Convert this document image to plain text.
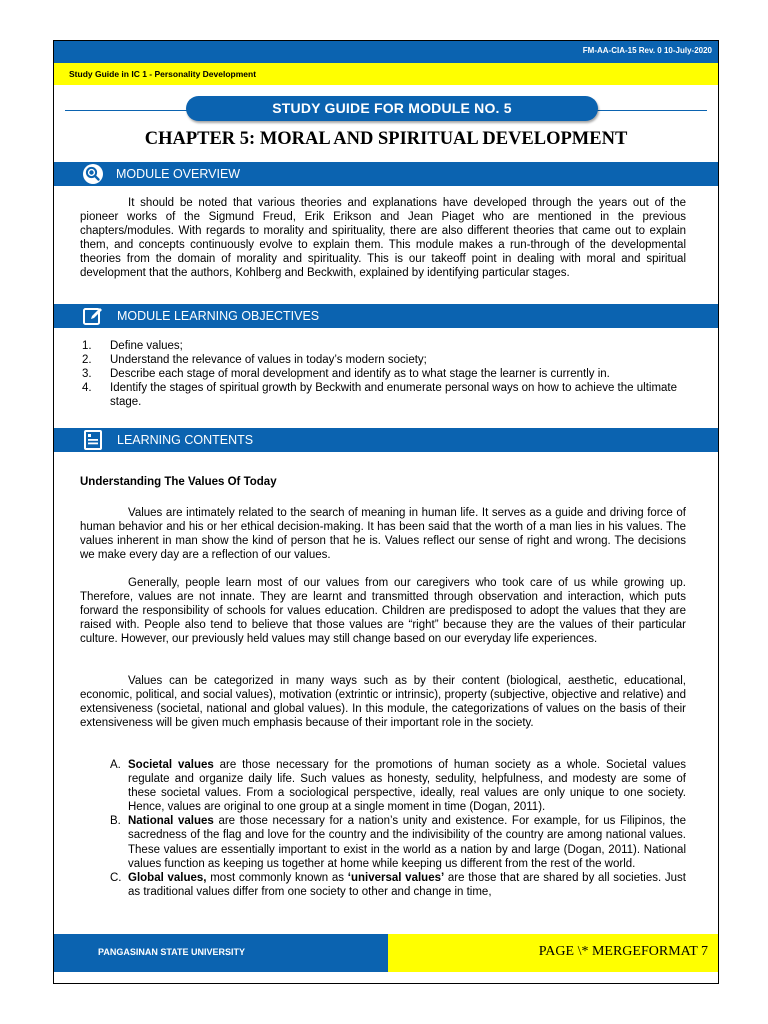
FM-AA-CIA-15 Rev. 0 10-July-2020
Study Guide in IC 1 - Personality Development
STUDY GUIDE FOR MODULE NO. 5
CHAPTER 5: MORAL AND SPIRITUAL DEVELOPMENT
MODULE OVERVIEW

It should be noted that various theories and explanations have developed through the years out of the pioneer works of the Sigmund Freud, Erik Erikson and Jean Piaget who are mentioned in the previous chapters/modules. With regards to morality and spirituality, there are also different theories that came out to explain them, and concepts continuously evolve to explain them. This module makes a run-through of the developmental theories from the domain of morality and spirituality. This is our takeoff point in dealing with moral and spiritual development that the authors, Kohlberg and Beckwith, explained by identifying particular stages.

MODULE LEARNING OBJECTIVES
1. Define values;
2. Understand the relevance of values in today’s modern society;
3. Describe each stage of moral development and identify as to what stage the learner is currently in.
4. Identify the stages of spiritual growth by Beckwith and enumerate personal ways on how to achieve the ultimate stage.
LEARNING CONTENTS
Understanding The Values Of Today

Values are intimately related to the search of meaning in human life. It serves as a guide and driving force of human behavior and his or her ethical decision-making. It has been said that the worth of a man lies in his values. The values inherent in man show the kind of person that he is. Values reflect our sense of right and wrong. The decisions we make every day are a reflection of our values.

Generally, people learn most of our values from our caregivers who took care of us while growing up. Therefore, values are not innate. They are learnt and transmitted through observation and interaction, which puts forward the responsibility of schools for values education. Children are predisposed to adopt the values that they are raised with. People also tend to believe that those values are “right” because they are the values of their particular culture. However, our previously held values may still change based on our everyday life experiences.

Values can be categorized in many ways such as by their content (biological, aesthetic, educational, economic, political, and social values), motivation (extrintic or intrinsic), property (subjective, objective and relative) and extensiveness (societal, national and global values). In this module, the categorizations of values on the basis of their extensiveness will be given much emphasis because of their important role in the society.

A. Societal values are those necessary for the promotions of human society as a whole. Societal values regulate and organize daily life. Such values as honesty, sedulity, helpfulness, and modesty are some of these societal values. From a sociological perspective, ideally, real values are only unique to one society. Hence, values are original to one group at a single moment in time (Dogan, 2011).
B. National values are those necessary for a nation’s unity and existence. For example, for us Filipinos, the sacredness of the flag and love for the country and the indivisibility of the country are among national values. These values are essentially important to exist in the world as a nation by and large (Dogan, 2011). National values function as keeping us together at home while keeping us different from the rest of the world.
C. Global values, most commonly known as ‘universal values’ are those that are shared by all societies. Just as traditional values differ from one society to other and change in time,
PANGASINAN STATE UNIVERSITY	PAGE \* MERGEFORMAT 7
